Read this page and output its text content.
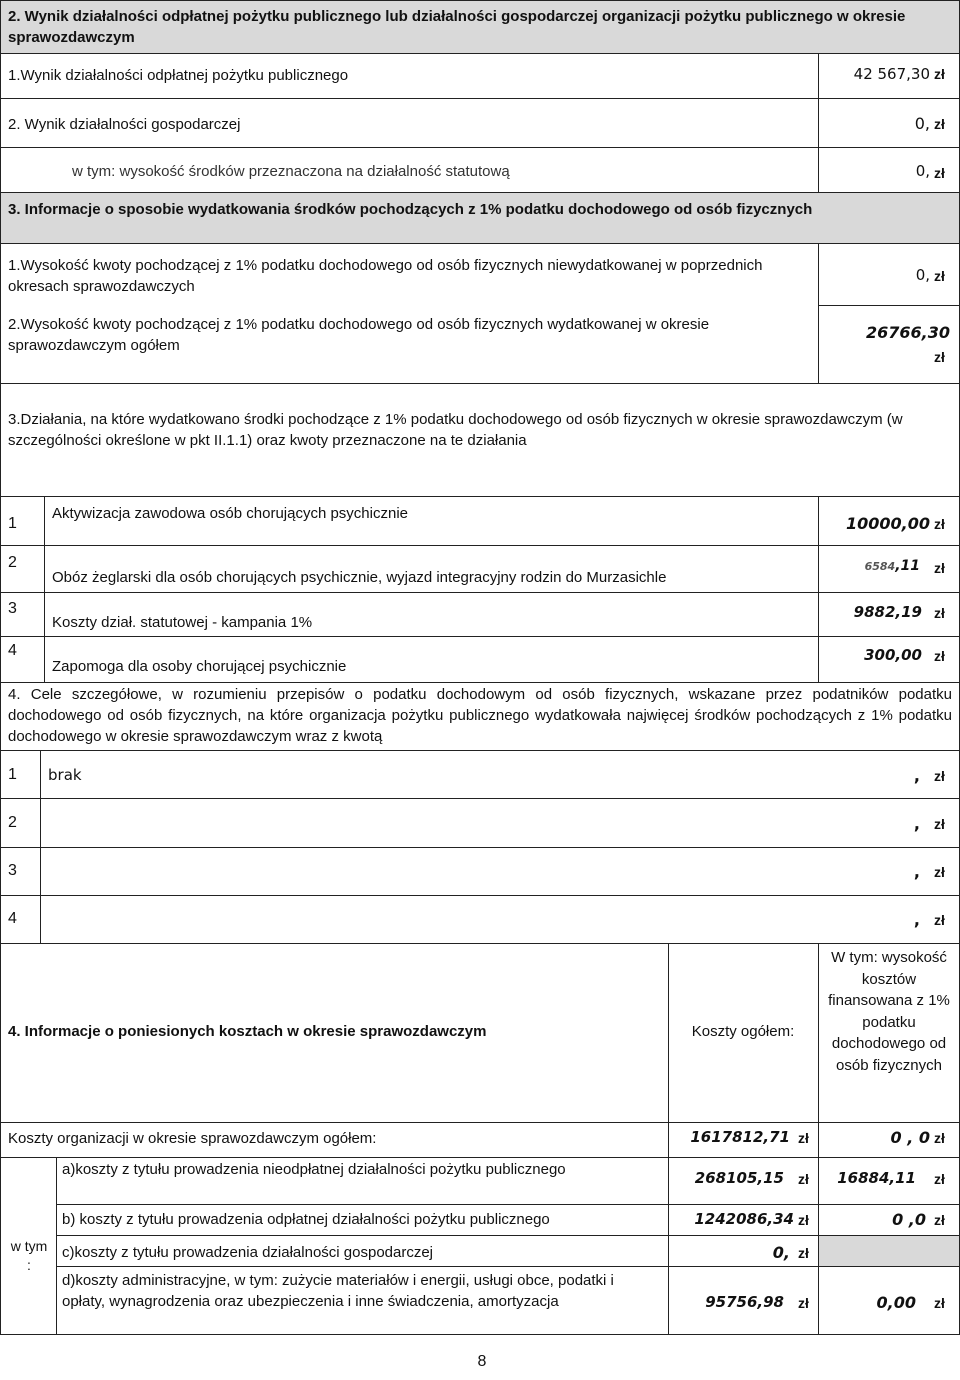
2. Wynik działalności odpłatnej pożytku publicznego lub działalności gospodarczej organizacji pożytku publicznego w okresie sprawozdawczym
1.Wynik działalności odpłatnej pożytku publicznego	42 567,30 zł
2. Wynik działalności gospodarczej	0, zł
w tym: wysokość środków przeznaczona na działalność statutową	0, zł
3. Informacje o sposobie wydatkowania środków pochodzących z 1% podatku dochodowego od osób fizycznych
1.Wysokość kwoty pochodzącej z 1% podatku dochodowego od osób fizycznych niewydatkowanej w poprzednich okresach sprawozdawczych
0, zł
2.Wysokość kwoty pochodzącej z 1% podatku dochodowego od osób fizycznych wydatkowanej w okresie sprawozdawczym ogółem
26766,30
zł
3.Działania, na które wydatkowano środki pochodzące z 1% podatku dochodowego od osób fizycznych w okresie sprawozdawczym (w szczególności określone w pkt II.1.1) oraz kwoty przeznaczone na te działania
1
Aktywizacja zawodowa osób chorujących psychicznie
10000,00 zł
2
Obóz żeglarski dla osób chorujących psychicznie, wyjazd integracyjny rodzin do Murzasichle
6584,11 zł
3
Koszty dział. statutowej - kampania 1%
9882,19 zł
4
Zapomoga dla osoby chorującej psychicznie
300,00 zł
4. Cele szczegółowe, w rozumieniu przepisów o podatku dochodowym od osób fizycznych, wskazane przez podatników podatku dochodowego od osób fizycznych, na które organizacja pożytku publicznego wydatkowała najwięcej środków pochodzących z 1% podatku dochodowego w okresie sprawozdawczym wraz z kwotą
1 brak	, zł
2	, zł
3	, zł
4	, zł
4. Informacje o poniesionych kosztach w okresie sprawozdawczym	Koszty ogółem:
W tym: wysokość kosztów finansowana z 1% podatku dochodowego od osób fizycznych
Koszty organizacji w okresie sprawozdawczym ogółem:	1617812,71 zł	0 , 0 zł
w tym :
a)koszty z tytułu prowadzenia nieodpłatnej działalności pożytku publicznego	268105,15 zł	16884,11 zł
b) koszty z tytułu prowadzenia odpłatnej działalności pożytku publicznego	1242086,34 zł	0 ,0 zł
c)koszty z tytułu prowadzenia działalności gospodarczej	0, zł
d)koszty administracyjne, w tym: zużycie materiałów i energii, usługi obce, podatki i opłaty, wynagrodzenia oraz ubezpieczenia i inne świadczenia, amortyzacja	95756,98 zł	0,00 zł
8
